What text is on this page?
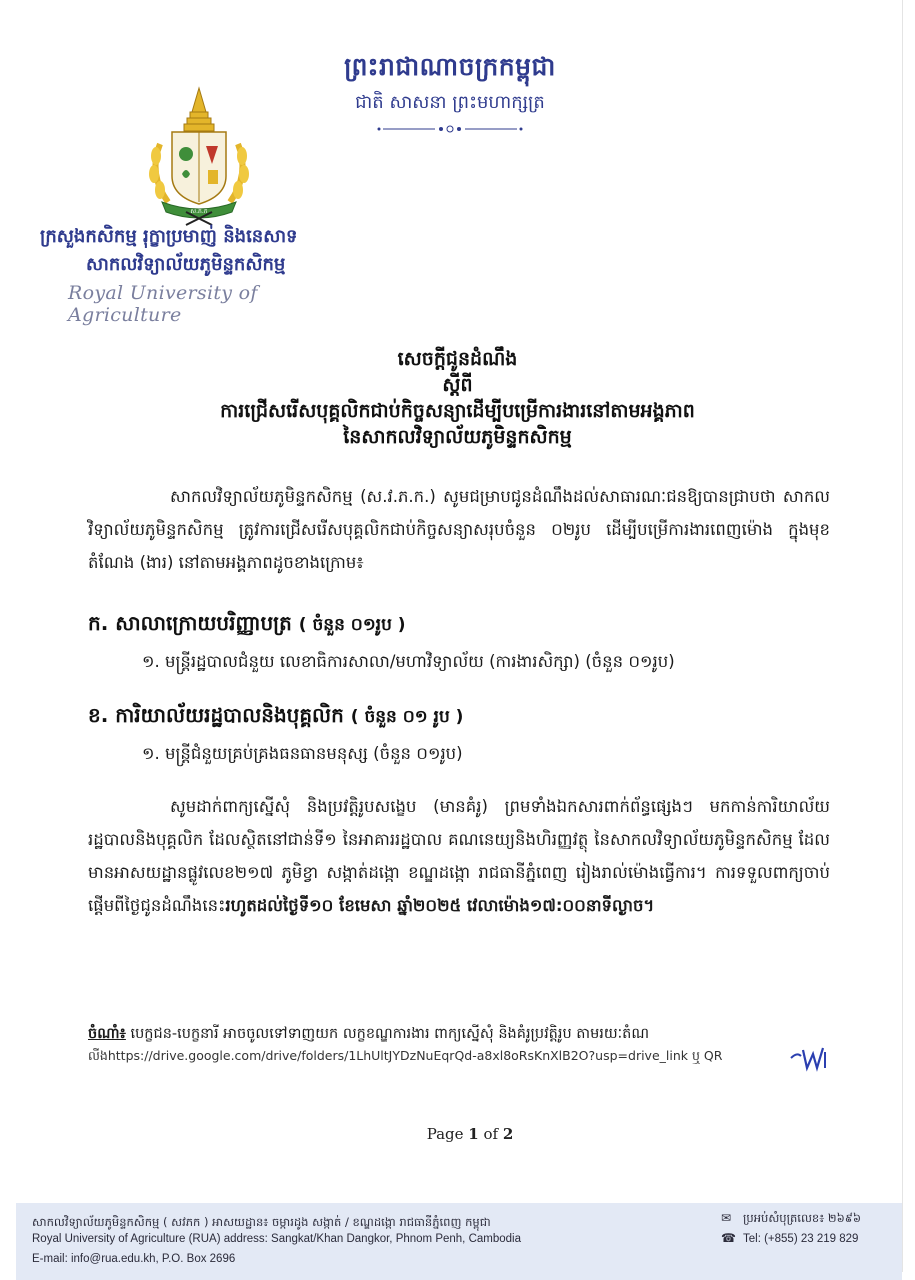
ព្រះរាជាណាចក្រកម្ពុជា
ជាតិ សាសនា ព្រះមហាក្សត្រ
ស.ភ.ក
ក្រសួងកសិកម្ម រុក្ខាប្រមាញ់ និងនេសាទ
សាកលវិទ្យាល័យភូមិន្ទកសិកម្ម
Royal University of Agriculture
សេចក្តីជូនដំណឹង
ស្តីពី
ការជ្រើសរើសបុគ្គលិកជាប់កិច្ចសន្យាដើម្បីបម្រើការងារនៅតាមអង្គភាព
នៃសាកលវិទ្យាល័យភូមិន្ទកសិកម្ម
សាកលវិទ្យាល័យភូមិន្ទកសិកម្ម (ស.វ.ភ.ក.) សូមជម្រាបជូនដំណឹងដល់សាធារណៈជនឱ្យបានជ្រាបថា សាកលវិទ្យាល័យភូមិន្ទកសិកម្ម ត្រូវការជ្រើសរើសបុគ្គលិកជាប់កិច្ចសន្យាសរុបចំនួន ០២រូប ដើម្បីបម្រើការងារពេញម៉ោង ក្នុងមុខតំណែង (ងារ) នៅតាមអង្គភាពដូចខាងក្រោម៖
ក. សាលាក្រោយបរិញ្ញាបត្រ ( ចំនួន ០១រូប )
១. មន្ត្រីរដ្ឋបាលជំនួយ លេខាធិការសាលា/មហាវិទ្យាល័យ (ការងារសិក្សា) (ចំនួន ០១រូប)
ខ. ការិយាល័យរដ្ឋបាលនិងបុគ្គលិក ( ចំនួន ០១ រូប )
១. មន្ត្រីជំនួយគ្រប់គ្រងធនធានមនុស្ស (ចំនួន ០១រូប)
សូមដាក់ពាក្យស្នើសុំ និងប្រវត្តិរូបសង្ខេប (មានគំរូ) ព្រមទាំងឯកសារពាក់ព័ន្ធផ្សេងៗ មកកាន់ការិយាល័យរដ្ឋបាលនិងបុគ្គលិក ដែលស្ថិតនៅជាន់ទី១ នៃអាគាររដ្ឋបាល គណនេយ្យនិងហិរញ្ញវត្ថុ នៃសាកលវិទ្យាល័យភូមិន្ទកសិកម្ម ដែលមានអាសយដ្ឋានផ្លូវលេខ២១៧ ភូមិខ្វា សង្កាត់ដង្កោ ខណ្ឌដង្កោ រាជធានីភ្នំពេញ រៀងរាល់ម៉ោងធ្វើការ។ ការទទួលពាក្យចាប់ផ្តើមពីថ្ងៃជូនដំណឹងនេះរហូតដល់ថ្ងៃទី១០ ខែមេសា ឆ្នាំ២០២៥ វេលាម៉ោង១៧:០០នាទីល្ងាច។
ចំណាំ៖ បេក្ខជន-បេក្ខនារី អាចចូលទៅទាញយក លក្ខខណ្ឌការងារ ពាក្យស្នើសុំ និងគំរូប្រវត្តិរូប តាមរយៈតំណ
លីងhttps://drive.google.com/drive/folders/1LhUltJYDzNuEqrQd-a8xl8oRsKnXlB2O?usp=drive_link ឬ QR
Page 1 of 2
សាកលវិទ្យាល័យភូមិន្ទកសិកម្ម ( សវភក ) អាសយដ្ឋាន៖ ចម្ការដូង សង្កាត់ / ខណ្ឌដង្កោ រាជធានីភ្នំពេញ កម្ពុជា
Royal University of Agriculture (RUA) address: Sangkat/Khan Dangkor, Phnom Penh, Cambodia
E-mail: info@rua.edu.kh, P.O. Box 2696
✉ ប្រអប់សំបុត្រលេខ៖ ២៦៩៦
☎ Tel: (+855) 23 219 829
